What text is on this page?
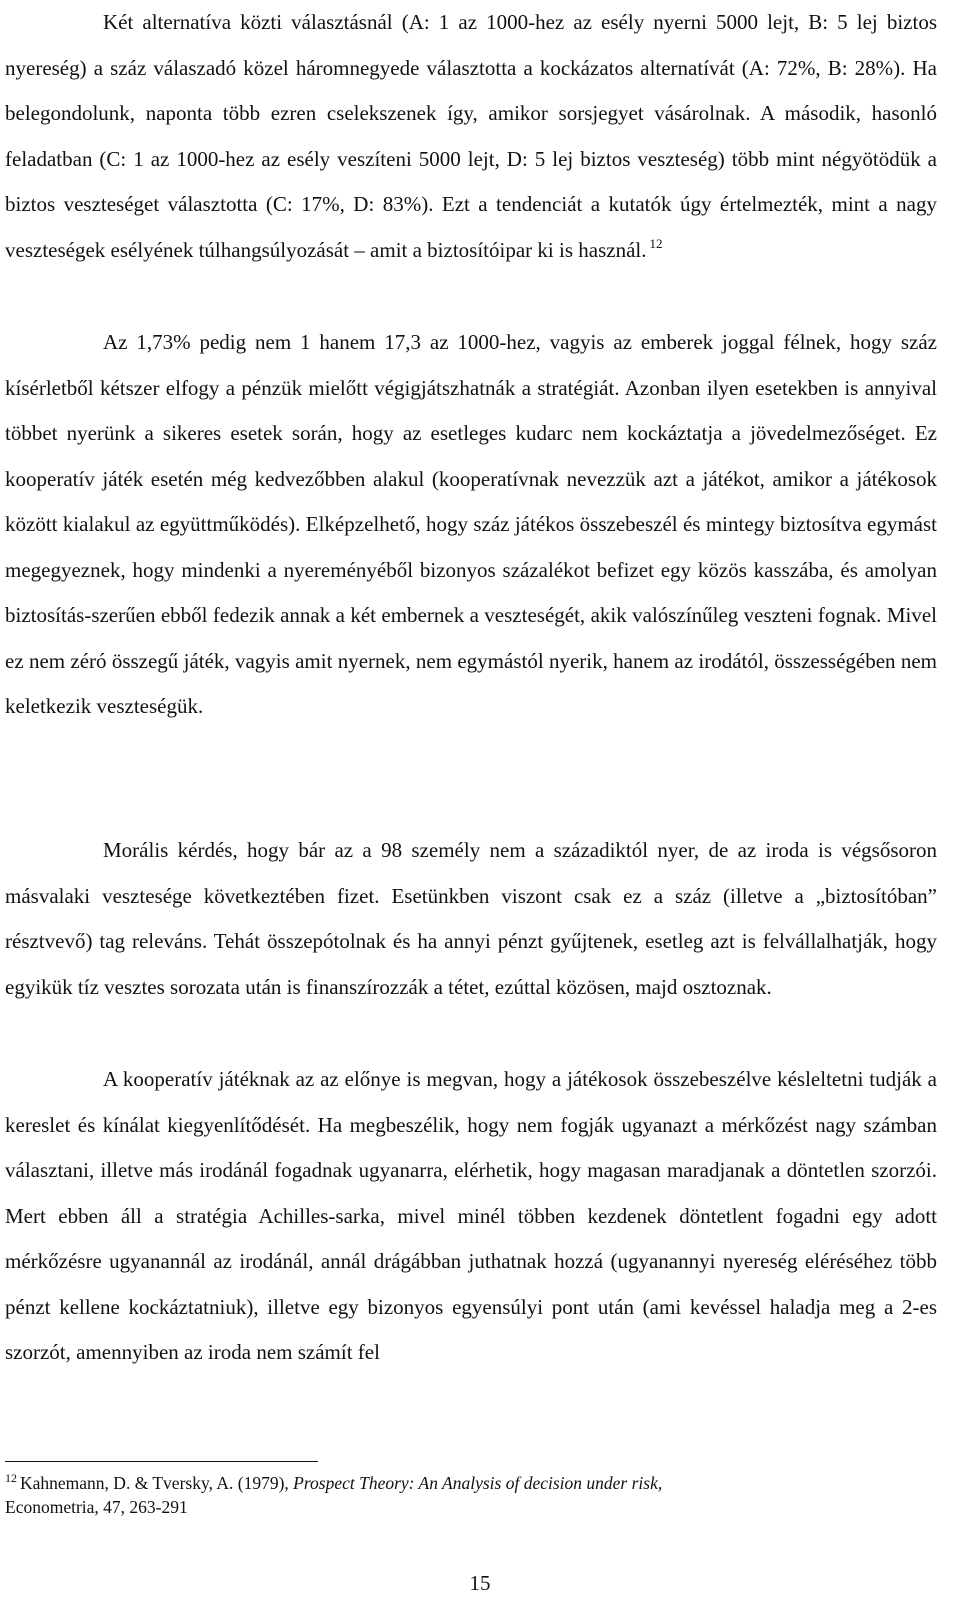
Két alternatíva közti választásnál (A: 1 az 1000-hez az esély nyerni 5000 lejt, B: 5 lej biztos nyereség) a száz válaszadó közel háromnegyede választotta a kockázatos alternatívát (A: 72%, B: 28%). Ha belegondolunk, naponta több ezren cselekszenek így, amikor sorsjegyet vásárolnak. A második, hasonló feladatban (C: 1 az 1000-hez az esély veszíteni 5000 lejt, D: 5 lej biztos veszteség) több mint négyötödük a biztos veszteséget választotta (C: 17%, D: 83%). Ezt a tendenciát a kutatók úgy értelmezték, mint a nagy veszteségek esélyének túlhangsúlyozását – amit a biztosítóipar ki is használ. $^{12}$

Az 1,73% pedig nem 1 hanem 17,3 az 1000-hez, vagyis az emberek joggal félnek, hogy száz kísérletből kétszer elfogy a pénzük mielőtt végigjátszhatnák a stratégiát. Azonban ilyen esetekben is annyival többet nyerünk a sikeres esetek során, hogy az esetleges kudarc nem kockáztatja a jövedelmezőséget. Ez kooperatív játék esetén még kedvezőbben alakul (kooperatívnak nevezzük azt a játékot, amikor a játékosok között kialakul az együttműködés). Elképzelhető, hogy száz játékos összebeszél és mintegy biztosítva egymást megegyeznek, hogy mindenki a nyereményéből bizonyos százalékot befizet egy közös kasszába, és amolyan biztosítás-szerűen ebből fedezik annak a két embernek a veszteségét, akik valószínűleg veszteni fognak. Mivel ez nem zéró összegű játék, vagyis amit nyernek, nem egymástól nyerik, hanem az irodától, összességében nem keletkezik veszteségük.

Morális kérdés, hogy bár az a 98 személy nem a századiktól nyer, de az iroda is végsősoron másvalaki vesztesége következtében fizet. Esetünkben viszont csak ez a száz (illetve a „biztosítóban” résztvevő) tag releváns. Tehát összepótolnak és ha annyi pénzt gyűjtenek, esetleg azt is felvállalhatják, hogy egyikük tíz vesztes sorozata után is finanszírozzák a tétet, ezúttal közösen, majd osztoznak.

A kooperatív játéknak az az előnye is megvan, hogy a játékosok összebeszélve késleltetni tudják a kereslet és kínálat kiegyenlítődését. Ha megbeszélik, hogy nem fogják ugyanazt a mérkőzést nagy számban választani, illetve más irodánál fogadnak ugyanarra, elérhetik, hogy magasan maradjanak a döntetlen szorzói. Mert ebben áll a stratégia Achilles-sarka, mivel minél többen kezdenek döntetlent fogadni egy adott mérkőzésre ugyanannál az irodánál, annál drágábban juthatnak hozzá (ugyanannyi nyereség eléréséhez több pénzt kellene kockáztatniuk), illetve egy bizonyos egyensúlyi pont után (ami kevéssel haladja meg a 2-es szorzót, amennyiben az iroda nem számít fel

$^{12}$ Kahnemann, D. & Tversky, A. (1979), Prospect Theory: An Analysis of decision under risk,
Econometria, 47, 263-291

15
